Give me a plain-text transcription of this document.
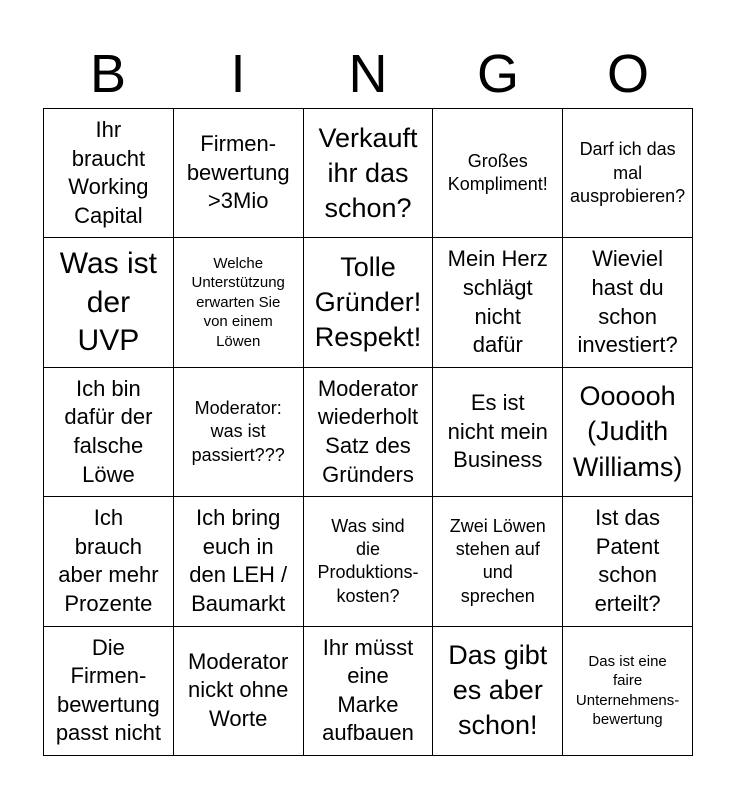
B	I	N	G	O
Ihr
braucht
Working
Capital
Firmen-
bewertung
>3Mio
Verkauft
ihr das
schon?
Großes
Kompliment!
Darf ich das
mal
ausprobieren?
Was ist
der
UVP
Welche
Unterstützung
erwarten Sie
von einem
Löwen
Tolle
Gründer!
Respekt!
Mein Herz
schlägt
nicht
dafür
Wieviel
hast du
schon
investiert?
Ich bin
dafür der
falsche
Löwe
Moderator:
was ist
passiert???
Moderator
wiederholt
Satz des
Gründers
Es ist
nicht mein
Business
Oooooh
(Judith
Williams)
Ich
brauch
aber mehr
Prozente
Ich bring
euch in
den LEH /
Baumarkt
Was sind
die
Produktions-
kosten?
Zwei Löwen
stehen auf
und
sprechen
Ist das
Patent
schon
erteilt?
Die
Firmen-
bewertung
passt nicht
Moderator
nickt ohne
Worte
Ihr müsst
eine
Marke
aufbauen
Das gibt
es aber
schon!
Das ist eine
faire
Unternehmens-
bewertung
